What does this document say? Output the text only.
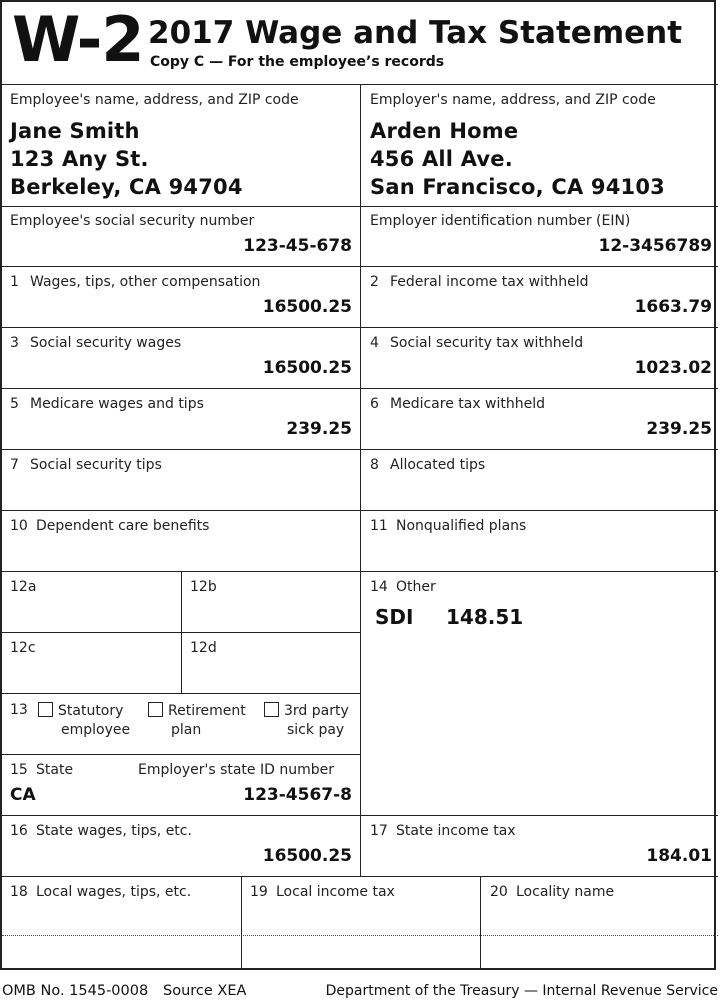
W-2 2017 Wage and Tax Statement
Copy C — For the employee’s records
Employee's name, address, and ZIP code
Jane Smith
123 Any St.
Berkeley, CA 94704
Employer's name, address, and ZIP code
Arden Home
456 All Ave.
San Francisco, CA 94103
Employee's social security number
123-45-678
Employer identification number (EIN)
12-3456789
1 Wages, tips, other compensation
16500.25
2 Federal income tax withheld
1663.79
3 Social security wages
16500.25
4 Social security tax withheld
1023.02
5 Medicare wages and tips
239.25
6 Medicare tax withheld
239.25
7 Social security tips	8 Allocated tips
10 Dependent care benefits	11 Nonqualified plans
12a	12b
12c	12d
14 Other
SDI 148.51
13	Statutory
employee
Retirement
plan
3rd party
sick pay
15 State	Employer's state ID number
CA	123-4567-8
16 State wages, tips, etc.
16500.25
17 State income tax
184.01
18 Local wages, tips, etc.	19 Local income tax	20 Locality name
OMB No. 1545-0008 Source XEA	Department of the Treasury — Internal Revenue Service
